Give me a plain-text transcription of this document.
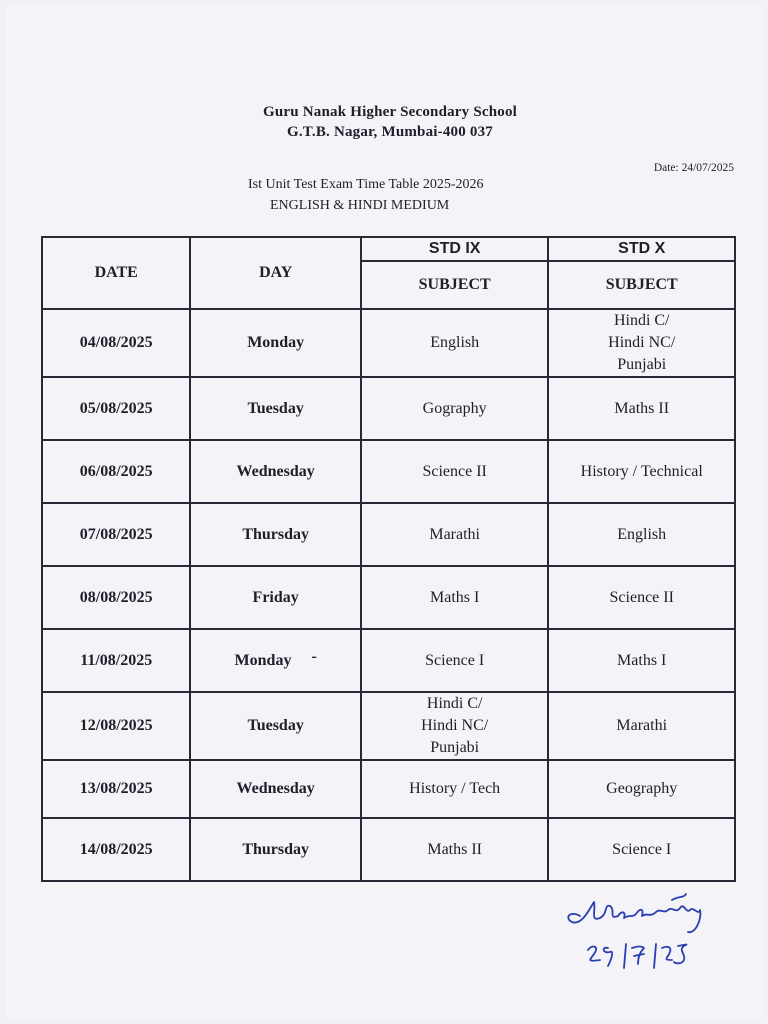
Guru Nanak Higher Secondary School
G.T.B. Nagar, Mumbai-400 037
Date: 24/07/2025
Ist Unit Test Exam Time Table 2025-2026
ENGLISH & HINDI MEDIUM
DATE	DAY	STD IX	STD X
		SUBJECT	SUBJECT
04/08/2025	Monday	English	Hindi C/
Hindi NC/
Punjabi

05/08/2025	Tuesday	Gography	Maths II

06/08/2025	Wednesday	Science II	History / Technical

07/08/2025	Thursday	Marathi	English

08/08/2025	Friday	Maths I	Science II

11/08/2025	Monday -	Science I	Maths I

12/08/2025	Tuesday	Hindi C/
Hindi NC/
Punjabi	Marathi

13/08/2025	Wednesday	History / Tech	Geography

14/08/2025	Thursday	Maths II	Science I
